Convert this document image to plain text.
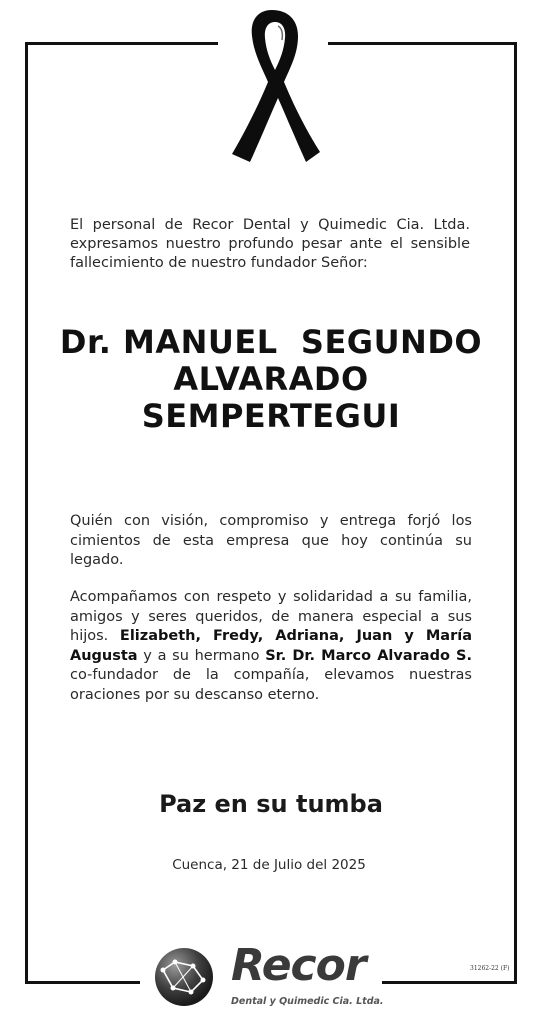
El personal de Recor Dental y Quimedic Cia. Ltda. expresamos nuestro profundo pesar ante el sensible fallecimiento de nuestro fundador Señor:
Dr. MANUEL  SEGUNDO
ALVARADO
SEMPERTEGUI
Quién con visión, compromiso y entrega forjó los cimientos de esta empresa que hoy continúa su legado.
Acompañamos con respeto y solidaridad a su familia, amigos y seres queridos, de manera especial a sus hijos. Elizabeth, Fredy, Adriana, Juan y María Augusta y a su hermano Sr. Dr. Marco Alvarado S. co-fundador de la compañía, elevamos nuestras oraciones por su descanso eterno.
Paz en su tumba
Cuenca, 21 de Julio del 2025
31262-22 (F)
Recor
Dental y Quimedic Cia. Ltda.
